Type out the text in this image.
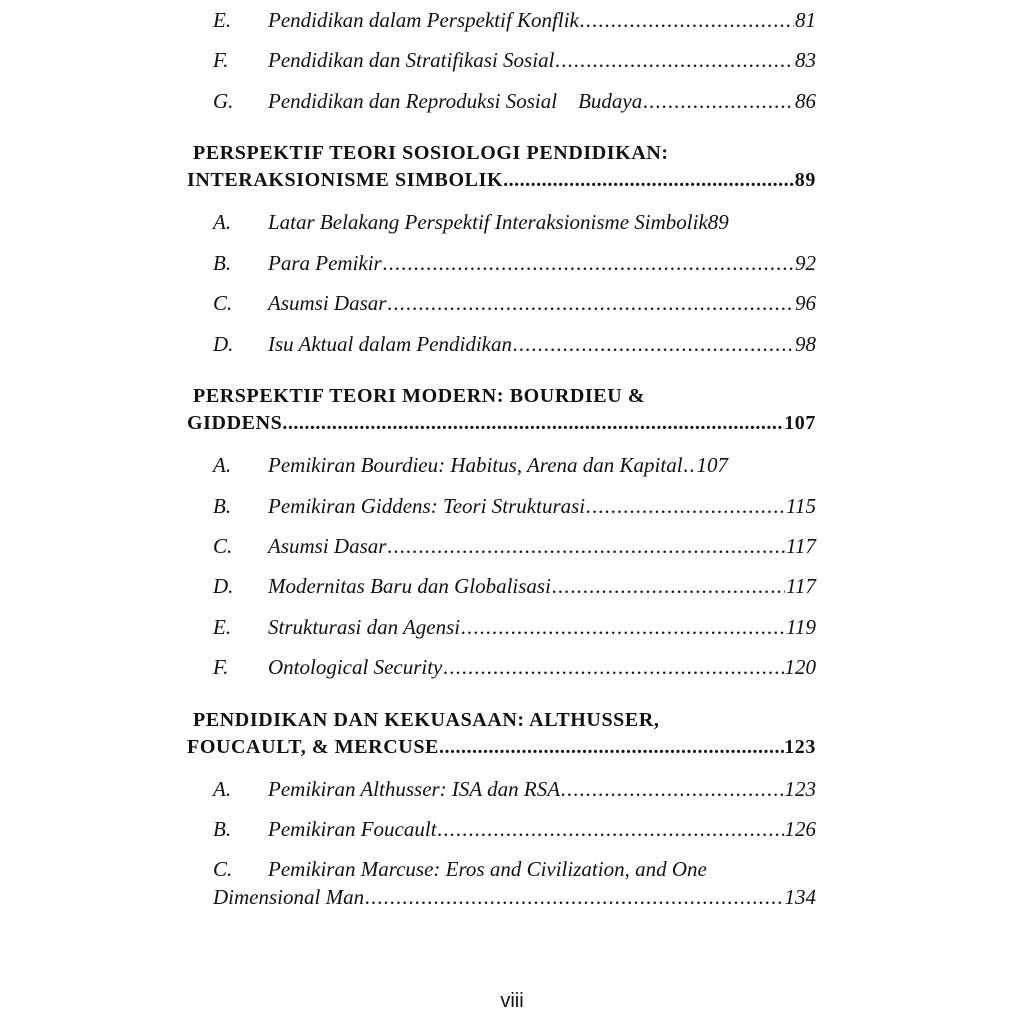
E.	Pendidikan dalam Perspektif Konflik .....	81
F.	Pendidikan dan Stratifikasi Sosial .....	83
G.	Pendidikan dan Reproduksi Sosial    Budaya .....	86
PERSPEKTIF TEORI SOSIOLOGI PENDIDIKAN:
INTERAKSIONISME SIMBOLIK .....	89
A.	Latar Belakang Perspektif Interaksionisme Simbolik 89
B.	Para Pemikir .....	92
C.	Asumsi Dasar .....	96
D.	Isu Aktual dalam Pendidikan .....	98
PERSPEKTIF TEORI MODERN: BOURDIEU &
GIDDENS .....	107
A.	Pemikiran Bourdieu: Habitus, Arena dan Kapital ..... 107
B.	Pemikiran Giddens: Teori Strukturasi .....	115
C.	Asumsi Dasar .....	117
D.	Modernitas Baru dan Globalisasi .....	117
E.	Strukturasi dan Agensi .....	119
F.	Ontological Security .....	120
PENDIDIKAN DAN KEKUASAAN: ALTHUSSER,
FOUCAULT, & MERCUSE .....	123
A.	Pemikiran Althusser: ISA dan RSA .....	123
B.	Pemikiran Foucault .....	126
C. Pemikiran Marcuse: Eros and Civilization, and One
Dimensional Man .....	134
viii
